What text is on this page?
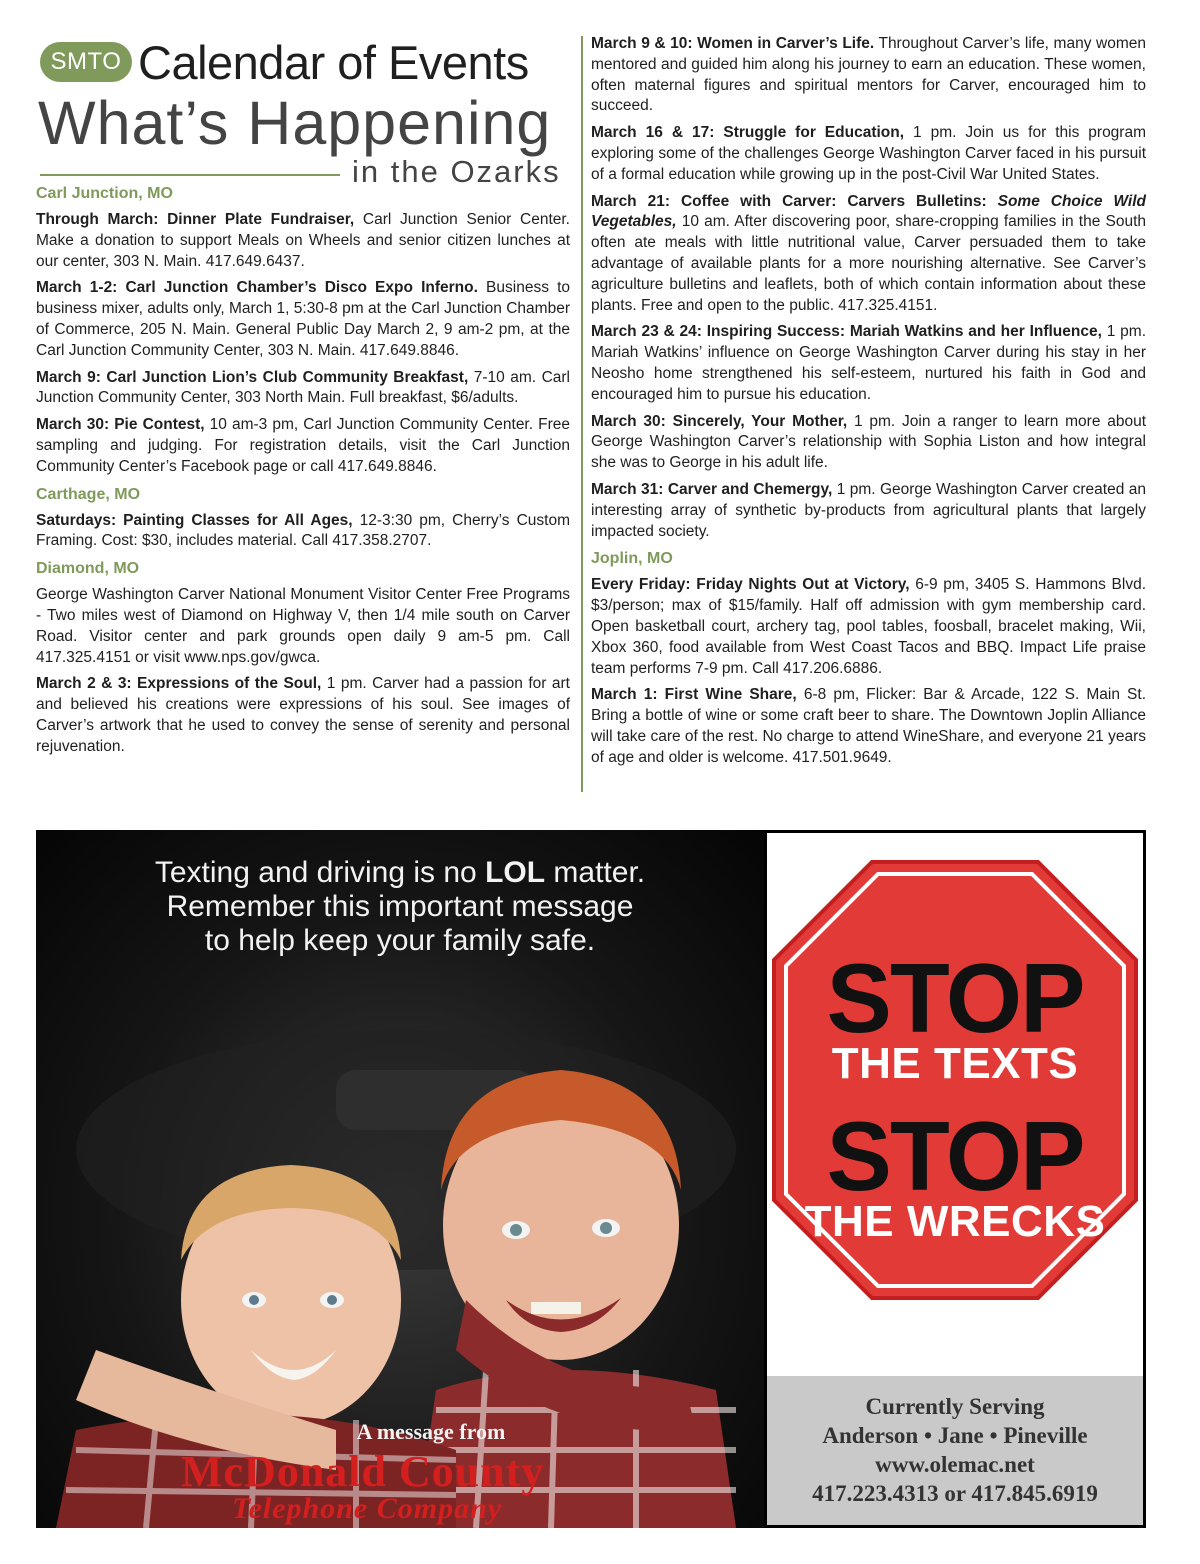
SMTO Calendar of Events
What’s Happening
in the Ozarks
Carl Junction, MO

Through March: Dinner Plate Fundraiser, Carl Junction Senior Center. Make a donation to support Meals on Wheels and senior citizen lunches at our center, 303 N. Main. 417.649.6437.

March 1-2: Carl Junction Chamber’s Disco Expo Inferno. Business to business mixer, adults only, March 1, 5:30-8 pm at the Carl Junction Chamber of Commerce, 205 N. Main. General Public Day March 2, 9 am-2 pm, at the Carl Junction Community Center, 303 N. Main. 417.649.8846.

March 9: Carl Junction Lion’s Club Community Breakfast, 7-10 am. Carl Junction Community Center, 303 North Main. Full breakfast, $6/adults.

March 30: Pie Contest, 10 am-3 pm, Carl Junction Community Center. Free sampling and judging. For registration details, visit the Carl Junction Community Center’s Facebook page or call 417.649.8846.

Carthage, MO

Saturdays: Painting Classes for All Ages, 12-3:30 pm, Cherry’s Custom Framing. Cost: $30, includes material. Call 417.358.2707.

Diamond, MO

George Washington Carver National Monument Visitor Center Free Programs - Two miles west of Diamond on Highway V, then 1/4 mile south on Carver Road. Visitor center and park grounds open daily 9 am-5 pm. Call 417.325.4151 or visit www.nps.gov/gwca.

March 2 & 3: Expressions of the Soul, 1 pm. Carver had a passion for art and believed his creations were expressions of his soul. See images of Carver’s artwork that he used to convey the sense of serenity and personal rejuvenation.

March 9 & 10: Women in Carver’s Life. Throughout Carver’s life, many women mentored and guided him along his journey to earn an education. These women, often maternal figures and spiritual mentors for Carver, encouraged him to succeed.

March 16 & 17: Struggle for Education, 1 pm. Join us for this program exploring some of the challenges George Washington Carver faced in his pursuit of a formal education while growing up in the post-Civil War United States.

March 21: Coffee with Carver: Carvers Bulletins: Some Choice Wild Vegetables, 10 am. After discovering poor, share-cropping families in the South often ate meals with little nutritional value, Carver persuaded them to take advantage of available plants for a more nourishing alternative. See Carver’s agriculture bulletins and leaflets, both of which contain information about these plants. Free and open to the public. 417.325.4151.

March 23 & 24: Inspiring Success: Mariah Watkins and her Influence, 1 pm. Mariah Watkins’ influence on George Washington Carver during his stay in her Neosho home strengthened his self-esteem, nurtured his faith in God and encouraged him to pursue his education.

March 30: Sincerely, Your Mother, 1 pm. Join a ranger to learn more about George Washington Carver’s relationship with Sophia Liston and how integral she was to George in his adult life.

March 31: Carver and Chemergy, 1 pm. George Washington Carver created an interesting array of synthetic by-products from agricultural plants that largely impacted society.

Joplin, MO

Every Friday: Friday Nights Out at Victory, 6-9 pm, 3405 S. Hammons Blvd. $3/person; max of $15/family. Half off admission with gym membership card. Open basketball court, archery tag, pool tables, foosball, bracelet making, Wii, Xbox 360, food available from West Coast Tacos and BBQ. Impact Life praise team performs 7-9 pm. Call 417.206.6886.

March 1: First Wine Share, 6-8 pm, Flicker: Bar & Arcade, 122 S. Main St. Bring a bottle of wine or some craft beer to share. The Downtown Joplin Alliance will take care of the rest. No charge to attend WineShare, and everyone 21 years of age and older is welcome. 417.501.9649.

Texting and driving is no LOL matter.
Remember this important message
to help keep your family safe.
A message from
McDonald County
Telephone Company
STOP
THE TEXTS
STOP
THE WRECKS
Currently Serving
Anderson • Jane • Pineville
www.olemac.net
417.223.4313 or 417.845.6919
